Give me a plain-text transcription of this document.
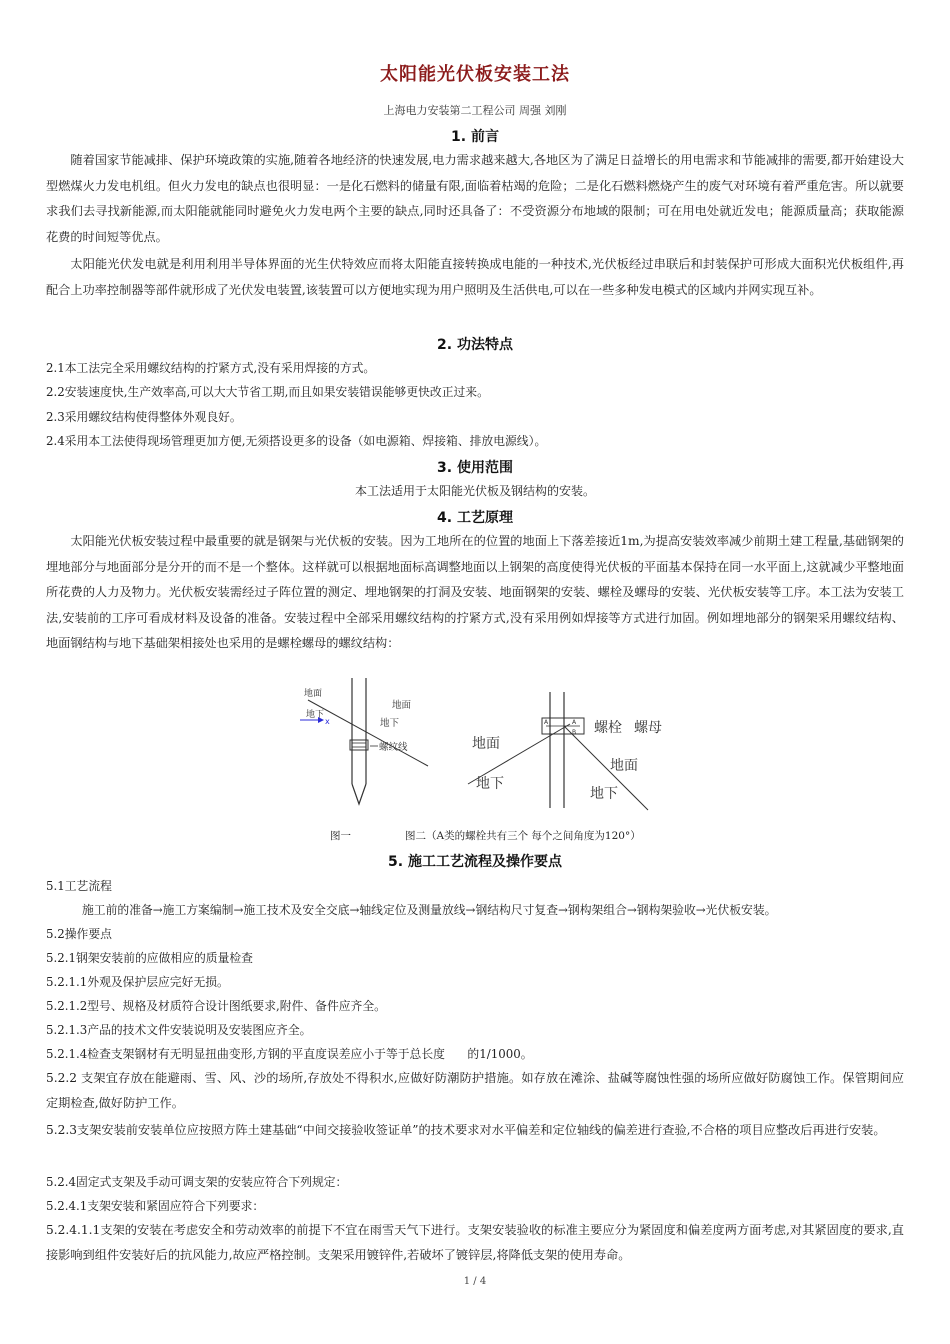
太阳能光伏板安装工法
上海电力安装第二工程公司 周强 刘刚
1. 前言
随着国家节能减排、保护环境政策的实施,随着各地经济的快速发展,电力需求越来越大,各地区为了满足日益增长的用电需求和节能减排的需要,都开始建设大型燃煤火力发电机组。但火力发电的缺点也很明显：一是化石燃料的储量有限,面临着枯竭的危险；二是化石燃料燃烧产生的废气对环境有着严重危害。所以就要求我们去寻找新能源,而太阳能就能同时避免火力发电两个主要的缺点,同时还具备了：不受资源分布地域的限制；可在用电处就近发电；能源质量高；获取能源花费的时间短等优点。
太阳能光伏发电就是利用利用半导体界面的光生伏特效应而将太阳能直接转换成电能的一种技术,光伏板经过串联后和封装保护可形成大面积光伏板组件,再配合上功率控制器等部件就形成了光伏发电装置,该装置可以方便地实现为用户照明及生活供电,可以在一些多种发电模式的区域内并网实现互补。
2. 功法特点
2.1本工法完全采用螺纹结构的拧紧方式,没有采用焊接的方式。
2.2安装速度快,生产效率高,可以大大节省工期,而且如果安装错误能够更快改正过来。
2.3采用螺纹结构使得整体外观良好。
2.4采用本工法使得现场管理更加方便,无须搭设更多的设备（如电源箱、焊接箱、排放电源线）。
3. 使用范围
本工法适用于太阳能光伏板及钢结构的安装。
4. 工艺原理
太阳能光伏板安装过程中最重要的就是钢架与光伏板的安装。因为工地所在的位置的地面上下落差接近1m,为提高安装效率减少前期土建工程量,基础钢架的埋地部分与地面部分是分开的而不是一个整体。这样就可以根据地面标高调整地面以上钢架的高度使得光伏板的平面基本保持在同一水平面上,这就减少平整地面所花费的人力及物力。光伏板安装需经过子阵位置的测定、埋地钢架的打洞及安装、地面钢架的安装、螺栓及螺母的安装、光伏板安装等工序。本工法为安装工法,安装前的工序可看成材料及设备的准备。安装过程中全部采用螺纹结构的拧紧方式,没有采用例如焊接等方式进行加固。例如埋地部分的钢架采用螺纹结构、地面钢结构与地下基础架相接处也采用的是螺栓螺母的螺纹结构：
地面
地下
x
地面
地下
螺纹线
A	A
B
地面
地下
螺栓 螺母
地面
地下
图一	图二（A类的螺栓共有三个 每个之间角度为120°）
5. 施工工艺流程及操作要点
5.1工艺流程
施工前的准备→施工方案编制→施工技术及安全交底→轴线定位及测量放线→钢结构尺寸复查→钢构架组合→钢构架验收→光伏板安装。
5.2操作要点
5.2.1钢架安装前的应做相应的质量检查
5.2.1.1外观及保护层应完好无损。
5.2.1.2型号、规格及材质符合设计图纸要求,附件、备件应齐全。
5.2.1.3产品的技术文件安装说明及安装图应齐全。
5.2.1.4检查支架钢材有无明显扭曲变形,方钢的平直度误差应小于等于总长度      的1/1000。
5.2.2 支架宜存放在能避雨、雪、风、沙的场所,存放处不得积水,应做好防潮防护措施。如存放在滩涂、盐碱等腐蚀性强的场所应做好防腐蚀工作。保管期间应定期检查,做好防护工作。
5.2.3支架安装前安装单位应按照方阵土建基础“中间交接验收签证单”的技术要求对水平偏差和定位轴线的偏差进行查验,不合格的项目应整改后再进行安装。
5.2.4固定式支架及手动可调支架的安装应符合下列规定：
5.2.4.1支架安装和紧固应符合下列要求：
5.2.4.1.1支架的安装在考虑安全和劳动效率的前提下不宜在雨雪天气下进行。支架安装验收的标准主要应分为紧固度和偏差度两方面考虑,对其紧固度的要求,直接影响到组件安装好后的抗风能力,故应严格控制。支架采用镀锌件,若破坏了镀锌层,将降低支架的使用寿命。
1 / 4
